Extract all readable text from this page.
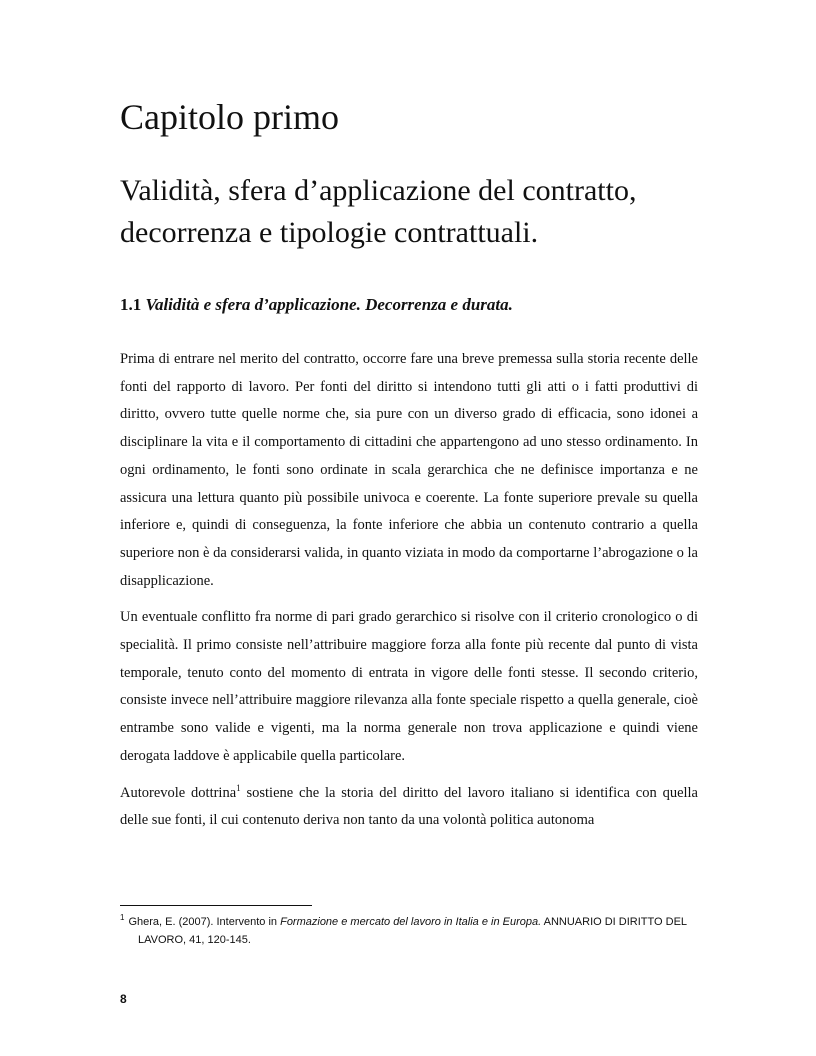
Capitolo primo
Validità, sfera d’applicazione del contratto, decorrenza e tipologie contrattuali.
1.1 Validità e sfera d’applicazione. Decorrenza e durata.

Prima di entrare nel merito del contratto, occorre fare una breve premessa sulla storia recente delle fonti del rapporto di lavoro. Per fonti del diritto si intendono tutti gli atti o i fatti produttivi di diritto, ovvero tutte quelle norme che, sia pure con un diverso grado di efficacia, sono idonei a disciplinare la vita e il comportamento di cittadini che appartengono ad uno stesso ordinamento. In ogni ordinamento, le fonti sono ordinate in scala gerarchica che ne definisce importanza e ne assicura una lettura quanto più possibile univoca e coerente. La fonte superiore prevale su quella inferiore e, quindi di conseguenza, la fonte inferiore che abbia un contenuto contrario a quella superiore non è da considerarsi valida, in quanto viziata in modo da comportarne l’abrogazione o la disapplicazione.

Un eventuale conflitto fra norme di pari grado gerarchico si risolve con il criterio cronologico o di specialità. Il primo consiste nell’attribuire maggiore forza alla fonte più recente dal punto di vista temporale, tenuto conto del momento di entrata in vigore delle fonti stesse. Il secondo criterio, consiste invece nell’attribuire maggiore rilevanza alla fonte speciale rispetto a quella generale, cioè entrambe sono valide e vigenti, ma la norma generale non trova applicazione e quindi viene derogata laddove è applicabile quella particolare.

Autorevole dottrina$^1$ sostiene che la storia del diritto del lavoro italiano si identifica con quella delle sue fonti, il cui contenuto deriva non tanto da una volontà politica autonoma

$^1$ Ghera, E. (2007). Intervento in Formazione e mercato del lavoro in Italia e in Europa. ANNUARIO DI DIRITTO DEL LAVORO, 41, 120-145.
8
